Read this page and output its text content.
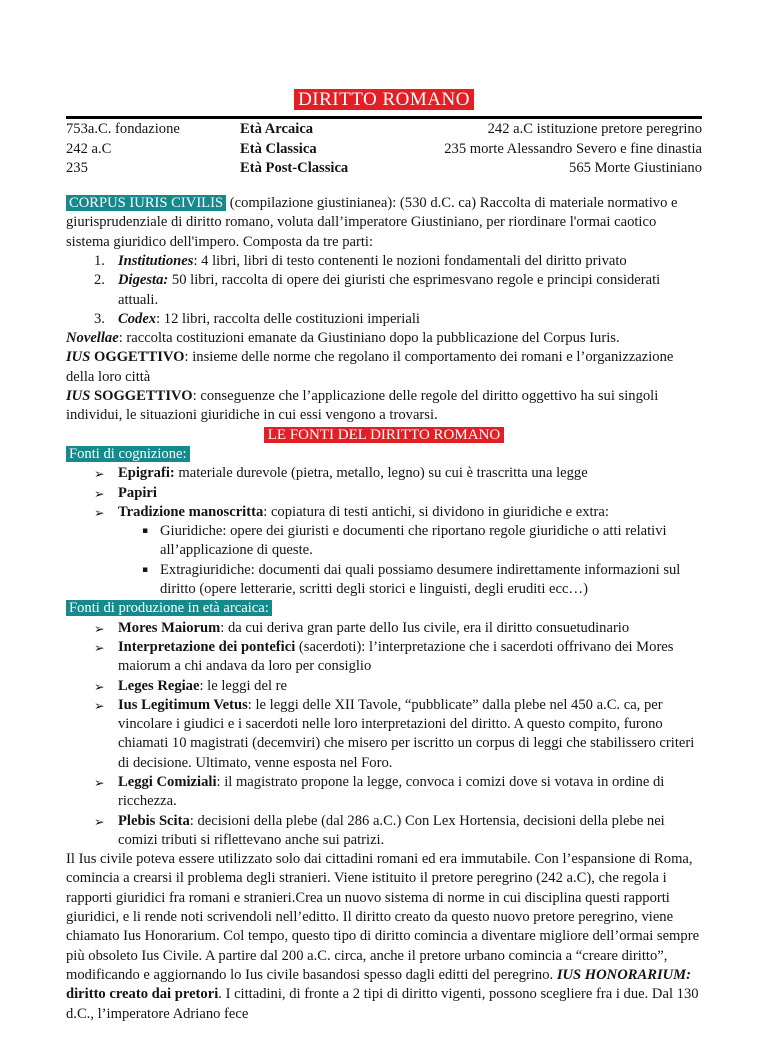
DIRITTO ROMANO
753a.C. fondazione	Età Arcaica	242 a.C istituzione pretore peregrino
242 a.C	Età Classica	235 morte Alessandro Severo e fine dinastia
235	Età Post-Classica	565 Morte Giustiniano

CORPUS IURIS CIVILIS (compilazione giustinianea): (530 d.C. ca) Raccolta di materiale normativo e giurisprudenziale di diritto romano, voluta dall’imperatore Giustiniano, per riordinare l'ormai caotico sistema giuridico dell'impero. Composta da tre parti:

1. Institutiones: 4 libri, libri di testo contenenti le nozioni fondamentali del diritto privato
2. Digesta: 50 libri, raccolta di opere dei giuristi che esprimesvano regole e principi considerati attuali.
3. Codex: 12 libri, raccolta delle costituzioni imperiali

Novellae: raccolta costituzioni emanate da Giustiniano dopo la pubblicazione del Corpus Iuris.

IUS OGGETTIVO: insieme delle norme che regolano il comportamento dei romani e l’organizzazione della loro città

IUS SOGGETTIVO: conseguenze che l’applicazione delle regole del diritto oggettivo ha sui singoli individui, le situazioni giuridiche in cui essi vengono a trovarsi.

LE FONTI DEL DIRITTO ROMANO
Fonti di cognizione:
➢ Epigrafi: materiale durevole (pietra, metallo, legno) su cui è trascritta una legge
➢ Papiri
➢ Tradizione manoscritta: copiatura di testi antichi, si dividono in giuridiche e extra:
▪ Giuridiche: opere dei giuristi e documenti che riportano regole giuridiche o atti relativi all’applicazione di queste.
▪ Extragiuridiche: documenti dai quali possiamo desumere indirettamente informazioni sul diritto (opere letterarie, scritti degli storici e linguisti, degli eruditi ecc…)
Fonti di produzione in età arcaica:
➢ Mores Maiorum: da cui deriva gran parte dello Ius civile, era il diritto consuetudinario
➢ Interpretazione dei pontefici (sacerdoti): l’interpretazione che i sacerdoti offrivano dei Mores maiorum a chi andava da loro per consiglio
➢ Leges Regiae: le leggi del re
➢ Ius Legitimum Vetus: le leggi delle XII Tavole, “pubblicate” dalla plebe nel 450 a.C. ca, per vincolare i giudici e i sacerdoti nelle loro interpretazioni del diritto. A questo compito, furono chiamati 10 magistrati (decemviri) che misero per iscritto un corpus di leggi che stabilissero criteri di decisione. Ultimato, venne esposta nel Foro.
➢ Leggi Comiziali: il magistrato propone la legge, convoca i comizi dove si votava in ordine di ricchezza.
➢ Plebis Scita: decisioni della plebe (dal 286 a.C.) Con Lex Hortensia, decisioni della plebe nei comizi tributi si riflettevano anche sui patrizi.

Il Ius civile poteva essere utilizzato solo dai cittadini romani ed era immutabile. Con l’espansione di Roma, comincia a crearsi il problema degli stranieri. Viene istituito il pretore peregrino (242 a.C), che regola i rapporti giuridici fra romani e stranieri.Crea un nuovo sistema di norme in cui disciplina questi rapporti giuridici, e li rende noti scrivendoli nell’editto. Il diritto creato da questo nuovo pretore peregrino, viene chiamato Ius Honorarium. Col tempo, questo tipo di diritto comincia a diventare migliore dell’ormai sempre più obsoleto Ius Civile. A partire dal 200 a.C. circa, anche il pretore urbano comincia a “creare diritto”, modificando e aggiornando lo Ius civile basandosi spesso dagli editti del peregrino. IUS HONORARIUM: diritto creato dai pretori. I cittadini, di fronte a 2 tipi di diritto vigenti, possono scegliere fra i due. Dal 130 d.C., l’imperatore Adriano fece
